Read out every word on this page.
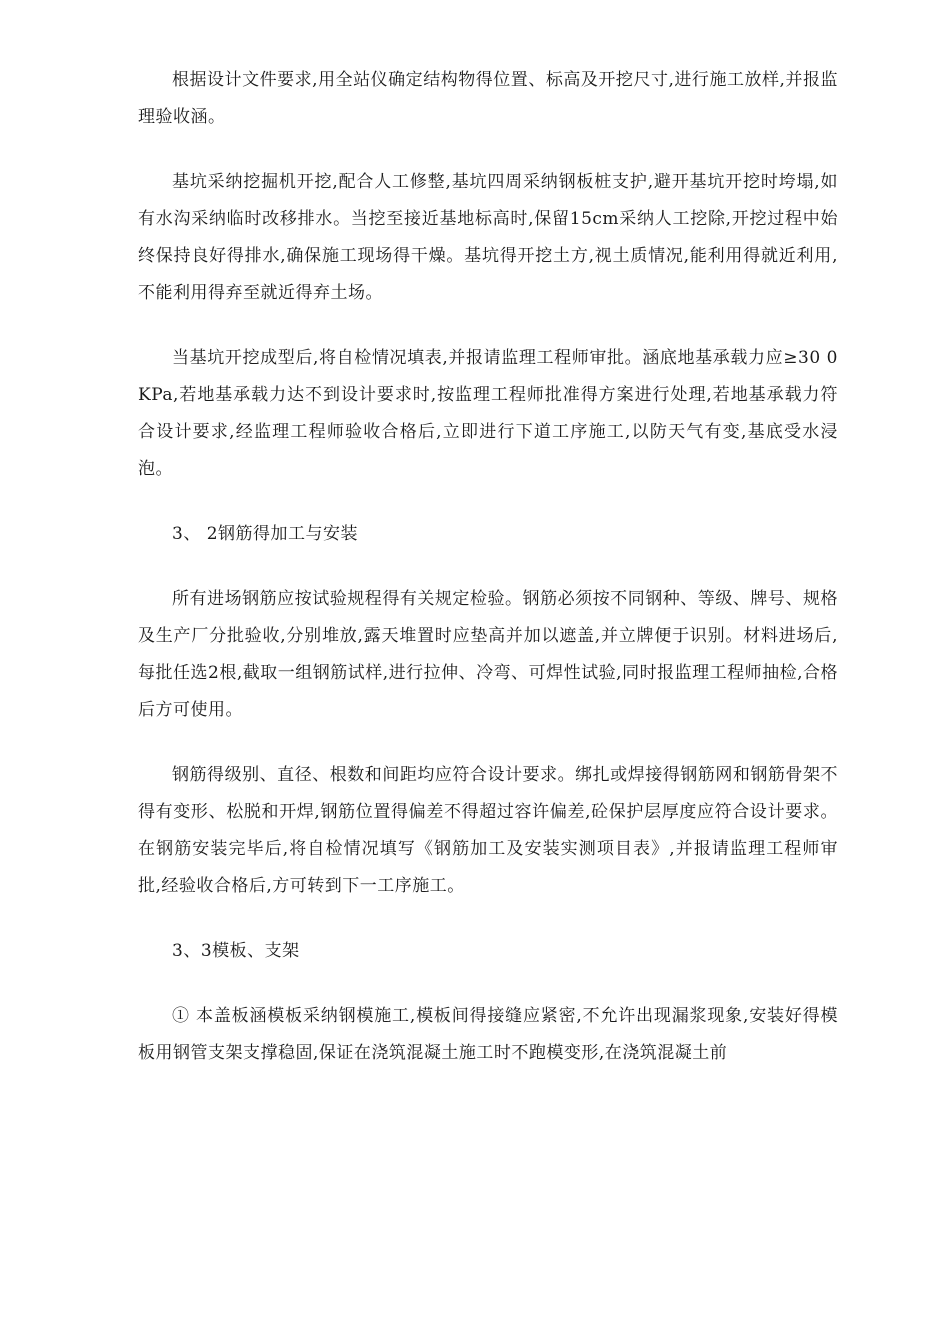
根据设计文件要求,用全站仪确定结构物得位置、标高及开挖尺寸,进行施工放样,并报监理验收涵。

基坑采纳挖掘机开挖,配合人工修整,基坑四周采纳钢板桩支护,避开基坑开挖时垮塌,如有水沟采纳临时改移排水。当挖至接近基地标高时,保留15cm采纳人工挖除,开挖过程中始终保持良好得排水,确保施工现场得干燥。基坑得开挖土方,视土质情况,能利用得就近利用,不能利用得弃至就近得弃土场。

当基坑开挖成型后,将自检情况填表,并报请监理工程师审批。涵底地基承载力应≥30 0 KPa,若地基承载力达不到设计要求时,按监理工程师批准得方案进行处理,若地基承载力符合设计要求,经监理工程师验收合格后,立即进行下道工序施工,以防天气有变,基底受水浸泡。

3、 2钢筋得加工与安装

所有进场钢筋应按试验规程得有关规定检验。钢筋必须按不同钢种、等级、牌号、规格及生产厂分批验收,分别堆放,露天堆置时应垫高并加以遮盖,并立牌便于识别。材料进场后,每批任选2根,截取一组钢筋试样,进行拉伸、冷弯、可焊性试验,同时报监理工程师抽检,合格后方可使用。

钢筋得级别、直径、根数和间距均应符合设计要求。绑扎或焊接得钢筋网和钢筋骨架不得有变形、松脱和开焊,钢筋位置得偏差不得超过容许偏差,砼保护层厚度应符合设计要求。在钢筋安装完毕后,将自检情况填写《钢筋加工及安装实测项目表》,并报请监理工程师审批,经验收合格后,方可转到下一工序施工。

3、3模板、支架

① 本盖板涵模板采纳钢模施工,模板间得接缝应紧密,不允许出现漏浆现象,安装好得模板用钢管支架支撑稳固,保证在浇筑混凝土施工时不跑模变形,在浇筑混凝土前
